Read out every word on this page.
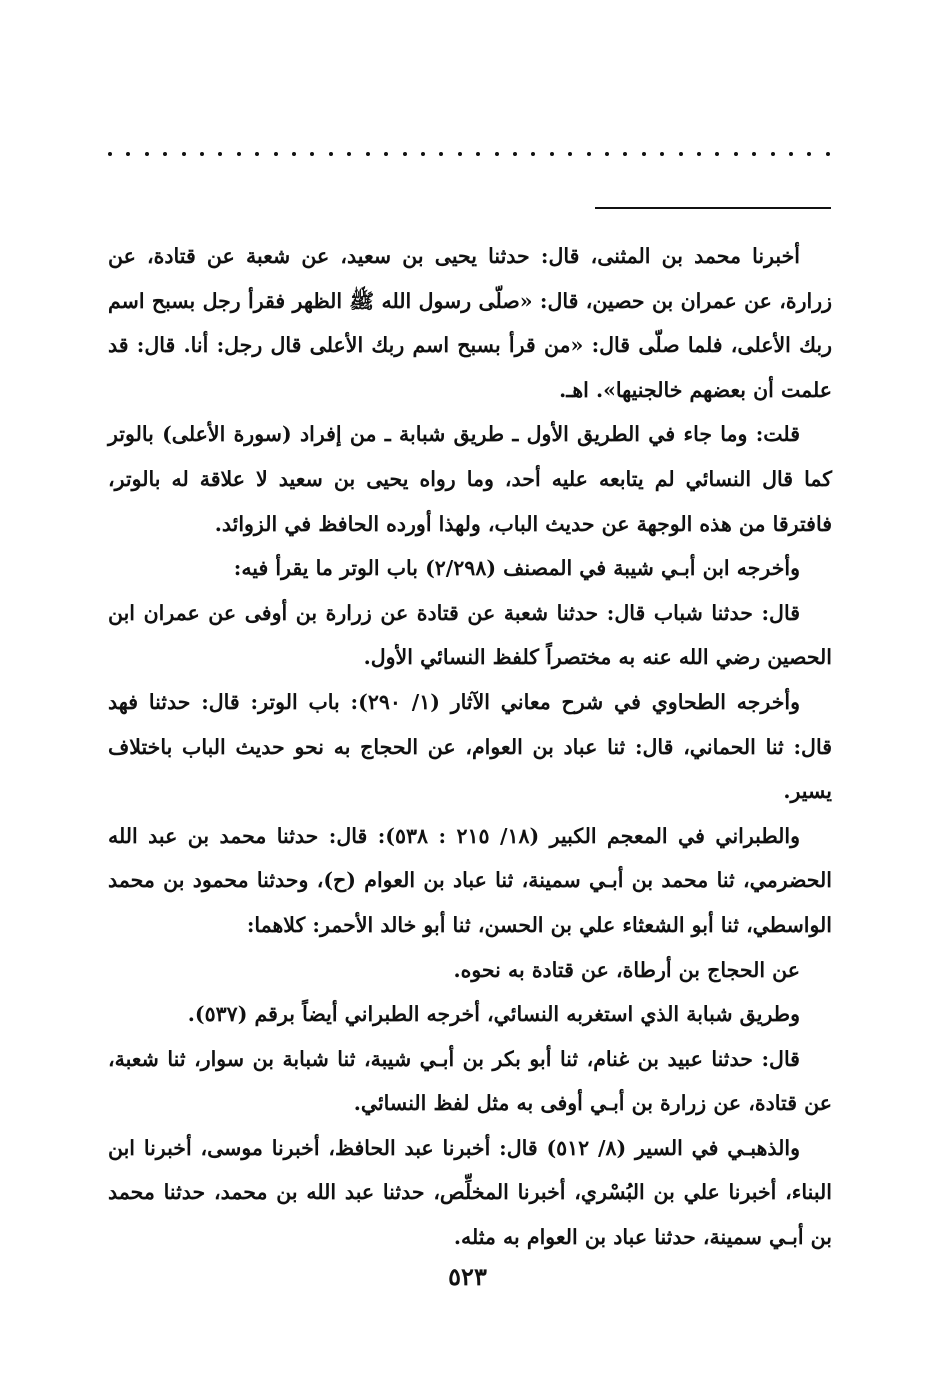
أخبرنا محمد بن المثنى، قال: حدثنا يحيى بن سعيد، عن شعبة عن قتادة، عن زرارة، عن عمران بن حصين، قال: «صلّى رسول الله ﷺ الظهر فقرأ رجل بسبح اسم ربك الأعلى، فلما صلّى قال: «من قرأ بسبح اسم ربك الأعلى قال رجل: أنا. قال: قد علمت أن بعضهم خالجنيها». اهـ.

قلت: وما جاء في الطريق الأول ـ طريق شبابة ـ من إفراد (سورة الأعلى) بالوتر كما قال النسائي لم يتابعه عليه أحد، وما رواه يحيى بن سعيد لا علاقة له بالوتر، فافترقا من هذه الوجهة عن حديث الباب، ولهذا أورده الحافظ في الزوائد.

وأخرجه ابن أبـي شيبة في المصنف (٢/٢٩٨) باب الوتر ما يقرأ فيه:

قال: حدثنا شباب قال: حدثنا شعبة عن قتادة عن زرارة بن أوفى عن عمران ابن الحصين رضي الله عنه به مختصراً كلفظ النسائي الأول.

وأخرجه الطحاوي في شرح معاني الآثار (١/ ٢٩٠): باب الوتر: قال: حدثنا فهد قال: ثنا الحماني، قال: ثنا عباد بن العوام، عن الحجاج به نحو حديث الباب باختلاف يسير.

والطبراني في المعجم الكبير (١٨/ ٢١٥ : ٥٣٨): قال: حدثنا محمد بن عبد الله الحضرمي، ثنا محمد بن أبـي سمينة، ثنا عباد بن العوام (ح)، وحدثنا محمود بن محمد الواسطي، ثنا أبو الشعثاء علي بن الحسن، ثنا أبو خالد الأحمر: كلاهما:

عن الحجاج بن أرطاة، عن قتادة به نحوه.

وطريق شبابة الذي استغربه النسائي، أخرجه الطبراني أيضاً برقم (٥٣٧).

قال: حدثنا عبيد بن غنام، ثنا أبو بكر بن أبـي شيبة، ثنا شبابة بن سوار، ثنا شعبة، عن قتادة، عن زرارة بن أبـي أوفى به مثل لفظ النسائي.

والذهبـي في السير (٨/ ٥١٢) قال: أخبرنا عبد الحافظ، أخبرنا موسى، أخبرنا ابن البناء، أخبرنا علي بن البُسْري، أخبرنا المخلِّص، حدثنا عبد الله بن محمد، حدثنا محمد بن أبـي سمينة، حدثنا عباد بن العوام به مثله.

٥٢٣
